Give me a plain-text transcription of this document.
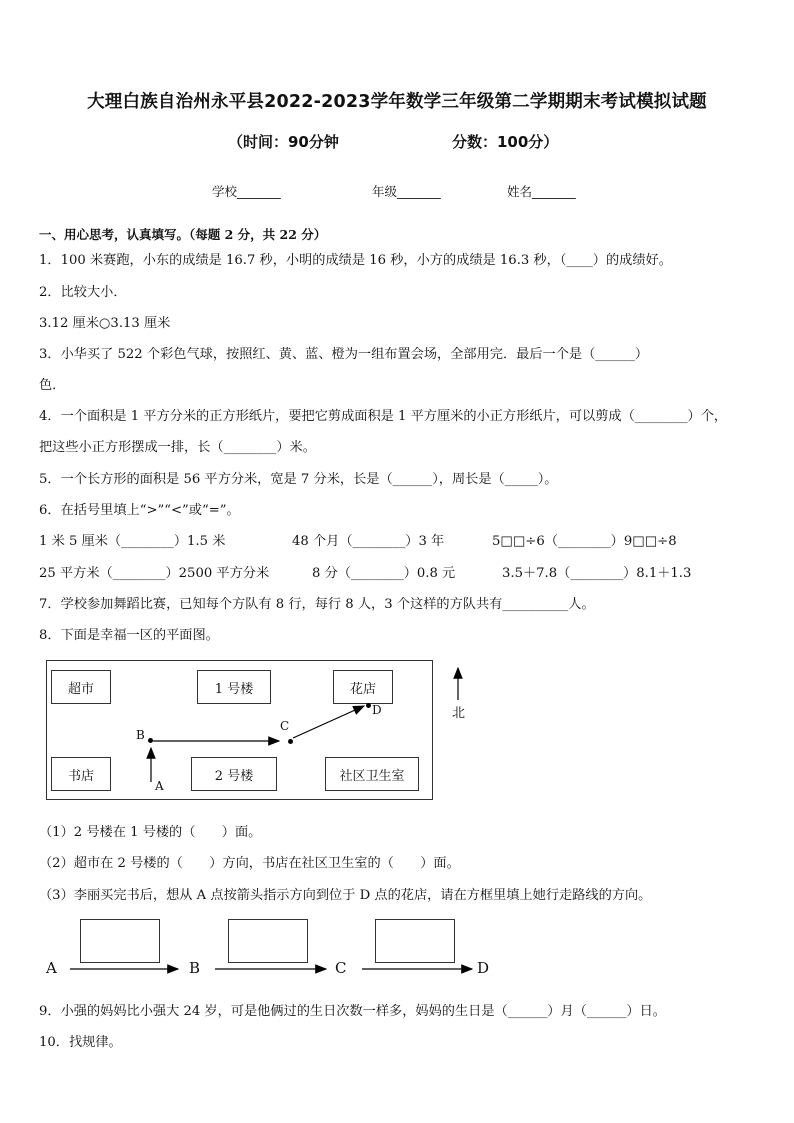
大理白族自治州永平县2022-2023学年数学三年级第二学期期末考试模拟试题
（时间：90分钟	分数：100分）
学校_______	年级_______	姓名_______
一、用心思考，认真填写。（每题 2 分，共 22 分）
1．100 米赛跑，小东的成绩是 16.7 秒，小明的成绩是 16 秒，小方的成绩是 16.3 秒，（____）的成绩好。
2．比较大小．
3.12 厘米○3.13 厘米
3．小华买了 522 个彩色气球，按照红、黄、蓝、橙为一组布置会场，全部用完．最后一个是（______）
色．
4．一个面积是 1 平方分米的正方形纸片，要把它剪成面积是 1 平方厘米的小正方形纸片，可以剪成（________）个，
把这些小正方形摆成一排，长（________）米。
5．一个长方形的面积是 56 平方分米，宽是 7 分米，长是（______），周长是（_____）。
6．在括号里填上“>”“<”或“=”。
1 米 5 厘米（________）1.5 米	48 个月（________）3 年	5□□÷6（________）9□□÷8
25 平方米（________）2500 平方分米	8 分（________）0.8 元	3.5＋7.8（________）8.1＋1.3
7．学校参加舞蹈比赛，已知每个方队有 8 行，每行 8 人，3 个这样的方队共有__________人。
8．下面是幸福一区的平面图。
超市	1 号楼	花店
书店	2 号楼	社区卫生室
B
A
C
D	北
（1）2 号楼在 1 号楼的（　　）面。
（2）超市在 2 号楼的（　　）方向，书店在社区卫生室的（　　）面。
（3）李丽买完书后，想从 A 点按箭头指示方向到位于 D 点的花店，请在方框里填上她行走路线的方向。
A	B	C	D
9．小强的妈妈比小强大 24 岁，可是他俩过的生日次数一样多，妈妈的生日是（______）月（______）日。
10．找规律。
